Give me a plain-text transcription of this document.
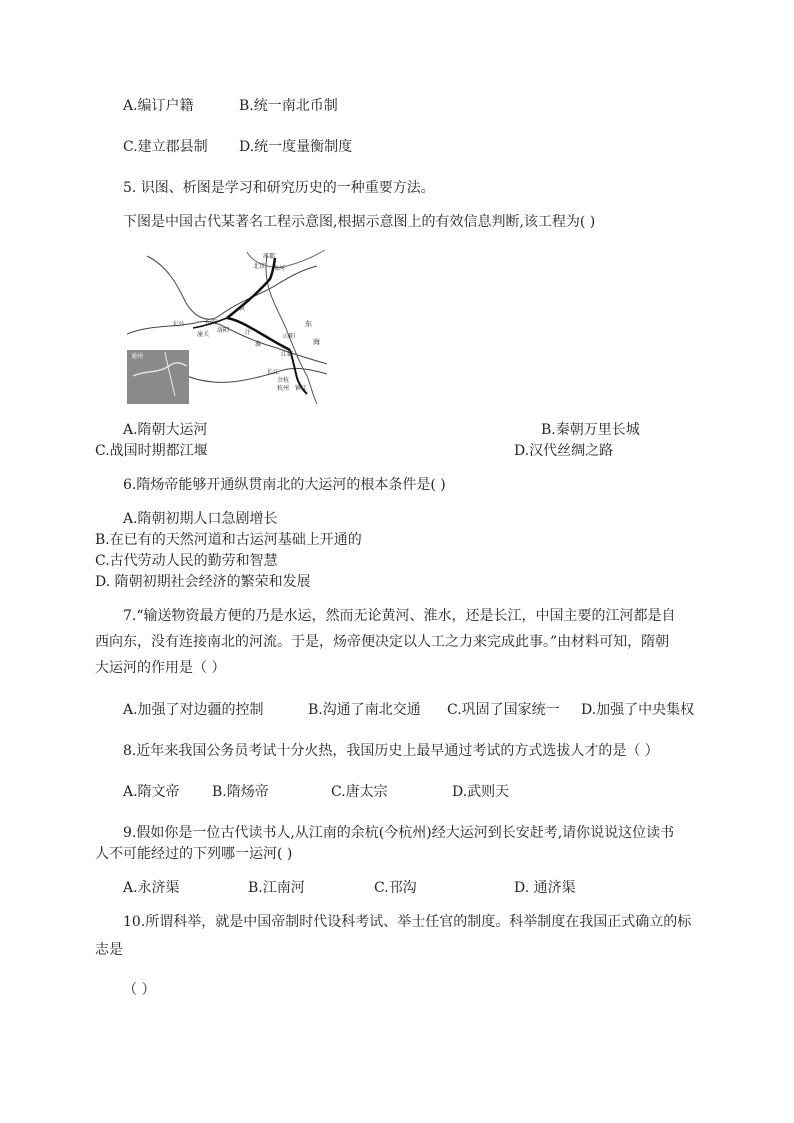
A.编订户籍	B.统一南北币制
C.建立郡县制 D.统一度量衡制度
5. 识图、析图是学习和研究历史的一种重要方法。
下图是中国古代某著名工程示意图,根据示意图上的有效信息判断,该工程为( )
涿郡
北京 海河
洛阳
大兴
潼关
长安
山阳
江都
余杭
杭州 镇江
东
海
淮
黄
汴
长江
通州
A.隋朝大运河	B.秦朝万里长城
C.战国时期都江堰	D.汉代丝绸之路
6.隋炀帝能够开通纵贯南北的大运河的根本条件是( )
A.隋朝初期人口急剧增长
B.在已有的天然河道和古运河基础上开通的
C.古代劳动人民的勤劳和智慧
D. 隋朝初期社会经济的繁荣和发展
7.“输送物资最方便的乃是水运，然而无论黄河、淮水，还是长江，中国主要的江河都是自
西向东，没有连接南北的河流。于是，炀帝便决定以人工之力来完成此事。”由材料可知，隋朝
大运河的作用是（ ）
A.加强了对边疆的控制	B.沟通了南北交通 C.巩固了国家统一 D.加强了中央集权
8.近年来我国公务员考试十分火热，我国历史上最早通过考试的方式选拔人才的是（ ）
A.隋文帝 B.隋炀帝	C.唐太宗	D.武则天
9.假如你是一位古代读书人,从江南的余杭(今杭州)经大运河到长安赶考,请你说说这位读书
人不可能经过的下列哪一运河( )
A.永济渠	B.江南河	C.邗沟	D. 通济渠
10.所谓科举，就是中国帝制时代设科考试、举士任官的制度。科举制度在我国正式确立的标
志是
（ ）
